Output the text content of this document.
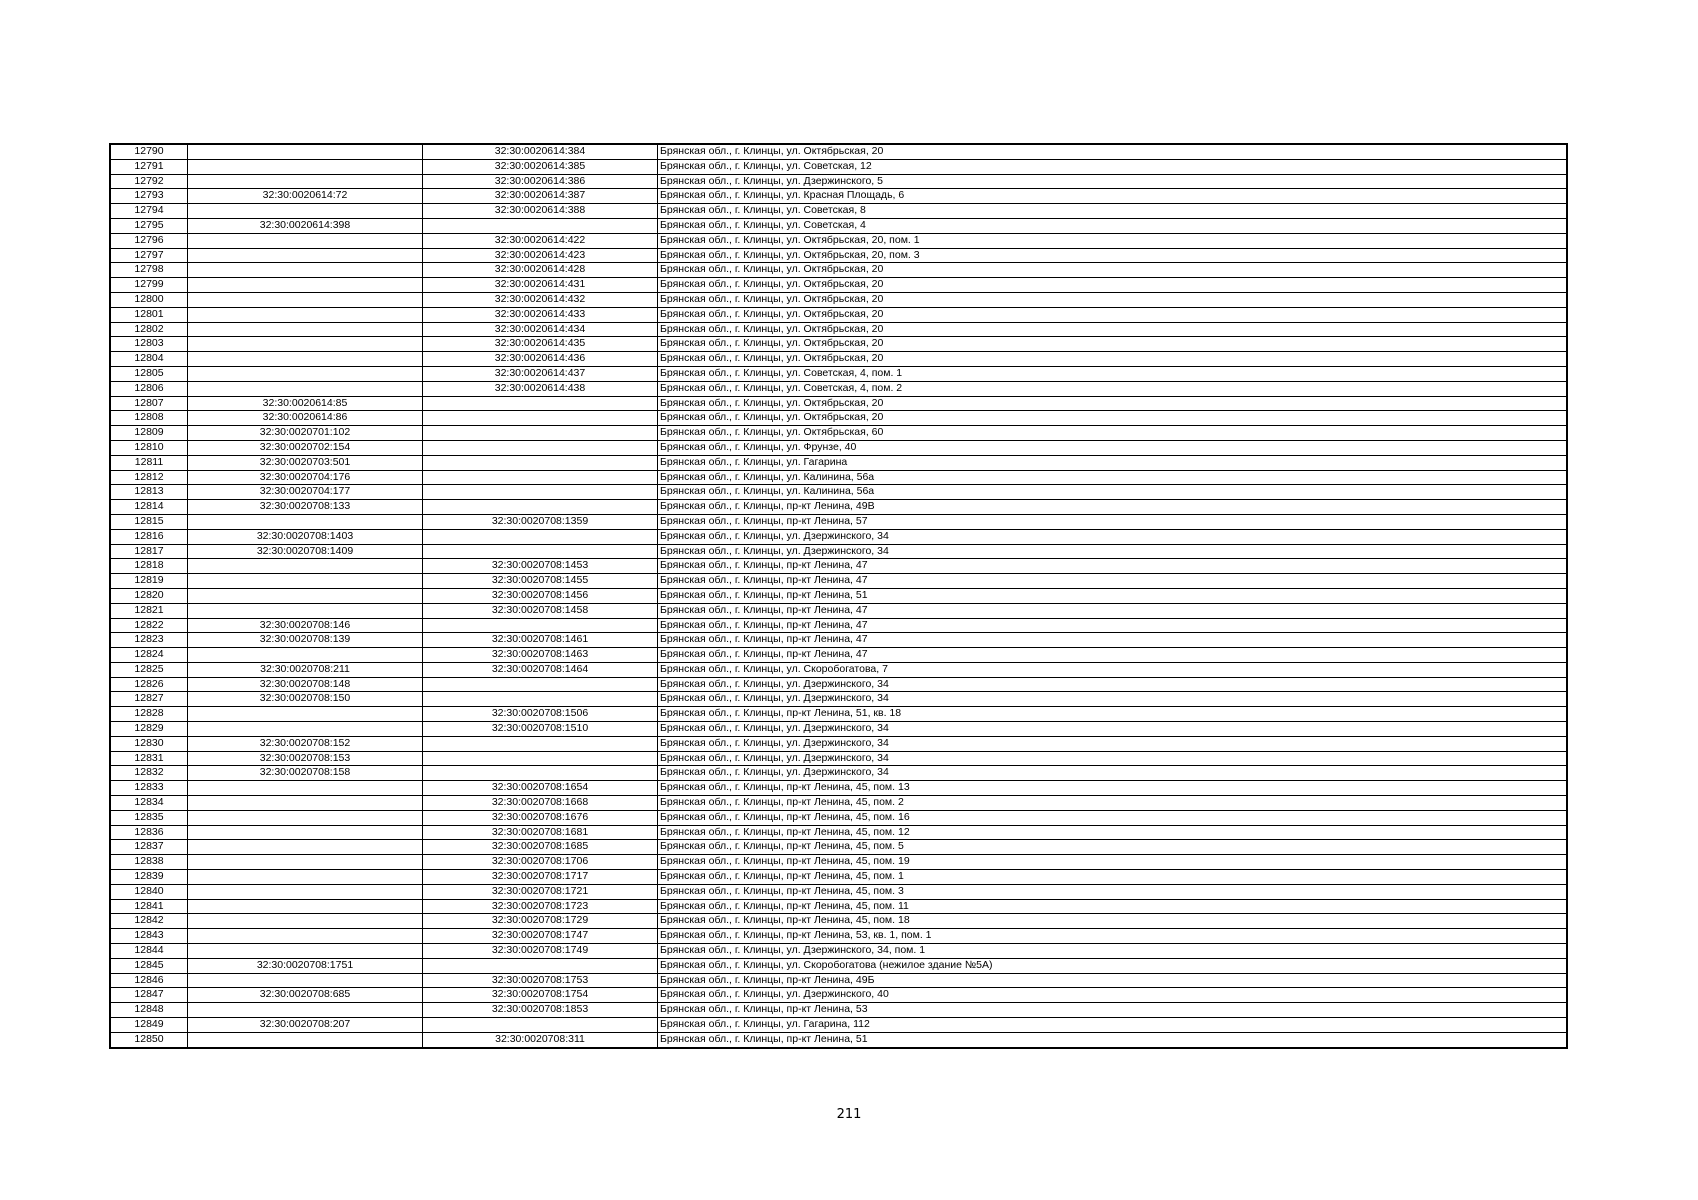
12790		32:30:0020614:384	Брянская обл., г. Клинцы, ул. Октябрьская, 20
12791		32:30:0020614:385	Брянская обл., г. Клинцы, ул. Советская, 12
12792		32:30:0020614:386	Брянская обл., г. Клинцы, ул. Дзержинского, 5
12793	32:30:0020614:72	32:30:0020614:387	Брянская обл., г. Клинцы, ул. Красная Площадь, 6
12794		32:30:0020614:388	Брянская обл., г. Клинцы, ул. Советская, 8
12795	32:30:0020614:398		Брянская обл., г. Клинцы, ул. Советская, 4
12796		32:30:0020614:422	Брянская обл., г. Клинцы, ул. Октябрьская, 20, пом. 1
12797		32:30:0020614:423	Брянская обл., г. Клинцы, ул. Октябрьская, 20, пом. 3
12798		32:30:0020614:428	Брянская обл., г. Клинцы, ул. Октябрьская, 20
12799		32:30:0020614:431	Брянская обл., г. Клинцы, ул. Октябрьская, 20
12800		32:30:0020614:432	Брянская обл., г. Клинцы, ул. Октябрьская, 20
12801		32:30:0020614:433	Брянская обл., г. Клинцы, ул. Октябрьская, 20
12802		32:30:0020614:434	Брянская обл., г. Клинцы, ул. Октябрьская, 20
12803		32:30:0020614:435	Брянская обл., г. Клинцы, ул. Октябрьская, 20
12804		32:30:0020614:436	Брянская обл., г. Клинцы, ул. Октябрьская, 20
12805		32:30:0020614:437	Брянская обл., г. Клинцы, ул. Советская, 4, пом. 1
12806		32:30:0020614:438	Брянская обл., г. Клинцы, ул. Советская, 4, пом. 2
12807	32:30:0020614:85		Брянская обл., г. Клинцы, ул. Октябрьская, 20
12808	32:30:0020614:86		Брянская обл., г. Клинцы, ул. Октябрьская, 20
12809	32:30:0020701:102		Брянская обл., г. Клинцы, ул. Октябрьская, 60
12810	32:30:0020702:154		Брянская обл., г. Клинцы, ул. Фрунзе, 40
12811	32:30:0020703:501		Брянская обл., г. Клинцы, ул. Гагарина
12812	32:30:0020704:176		Брянская обл., г. Клинцы, ул. Калинина, 56а
12813	32:30:0020704:177		Брянская обл., г. Клинцы, ул. Калинина, 56а
12814	32:30:0020708:133		Брянская обл., г. Клинцы, пр-кт Ленина, 49В
12815		32:30:0020708:1359	Брянская обл., г. Клинцы, пр-кт Ленина, 57
12816	32:30:0020708:1403		Брянская обл., г. Клинцы, ул. Дзержинского, 34
12817	32:30:0020708:1409		Брянская обл., г. Клинцы, ул. Дзержинского, 34
12818		32:30:0020708:1453	Брянская обл., г. Клинцы, пр-кт Ленина, 47
12819		32:30:0020708:1455	Брянская обл., г. Клинцы, пр-кт Ленина, 47
12820		32:30:0020708:1456	Брянская обл., г. Клинцы, пр-кт Ленина, 51
12821		32:30:0020708:1458	Брянская обл., г. Клинцы, пр-кт Ленина, 47
12822	32:30:0020708:146		Брянская обл., г. Клинцы, пр-кт Ленина, 47
12823	32:30:0020708:139	32:30:0020708:1461	Брянская обл., г. Клинцы, пр-кт Ленина, 47
12824		32:30:0020708:1463	Брянская обл., г. Клинцы, пр-кт Ленина, 47
12825	32:30:0020708:211	32:30:0020708:1464	Брянская обл., г. Клинцы, ул. Скоробогатова, 7
12826	32:30:0020708:148		Брянская обл., г. Клинцы, ул. Дзержинского, 34
12827	32:30:0020708:150		Брянская обл., г. Клинцы, ул. Дзержинского, 34
12828		32:30:0020708:1506	Брянская обл., г. Клинцы, пр-кт Ленина, 51, кв. 18
12829		32:30:0020708:1510	Брянская обл., г. Клинцы, ул. Дзержинского, 34
12830	32:30:0020708:152		Брянская обл., г. Клинцы, ул. Дзержинского, 34
12831	32:30:0020708:153		Брянская обл., г. Клинцы, ул. Дзержинского, 34
12832	32:30:0020708:158		Брянская обл., г. Клинцы, ул. Дзержинского, 34
12833		32:30:0020708:1654	Брянская обл., г. Клинцы, пр-кт Ленина, 45, пом. 13
12834		32:30:0020708:1668	Брянская обл., г. Клинцы, пр-кт Ленина, 45, пом. 2
12835		32:30:0020708:1676	Брянская обл., г. Клинцы, пр-кт Ленина, 45, пом. 16
12836		32:30:0020708:1681	Брянская обл., г. Клинцы, пр-кт Ленина, 45, пом. 12
12837		32:30:0020708:1685	Брянская обл., г. Клинцы, пр-кт Ленина, 45, пом. 5
12838		32:30:0020708:1706	Брянская обл., г. Клинцы, пр-кт Ленина, 45, пом. 19
12839		32:30:0020708:1717	Брянская обл., г. Клинцы, пр-кт Ленина, 45, пом. 1
12840		32:30:0020708:1721	Брянская обл., г. Клинцы, пр-кт Ленина, 45, пом. 3
12841		32:30:0020708:1723	Брянская обл., г. Клинцы, пр-кт Ленина, 45, пом. 11
12842		32:30:0020708:1729	Брянская обл., г. Клинцы, пр-кт Ленина, 45, пом. 18
12843		32:30:0020708:1747	Брянская обл., г. Клинцы, пр-кт Ленина, 53, кв. 1, пом. 1
12844		32:30:0020708:1749	Брянская обл., г. Клинцы, ул. Дзержинского, 34, пом. 1
12845	32:30:0020708:1751		Брянская обл., г. Клинцы, ул. Скоробогатова (нежилое здание №5А)
12846		32:30:0020708:1753	Брянская обл., г. Клинцы, пр-кт Ленина, 49Б
12847	32:30:0020708:685	32:30:0020708:1754	Брянская обл., г. Клинцы, ул. Дзержинского, 40
12848		32:30:0020708:1853	Брянская обл., г. Клинцы, пр-кт Ленина, 53
12849	32:30:0020708:207		Брянская обл., г. Клинцы, ул. Гагарина, 112
12850		32:30:0020708:311	Брянская обл., г. Клинцы, пр-кт Ленина, 51
211
